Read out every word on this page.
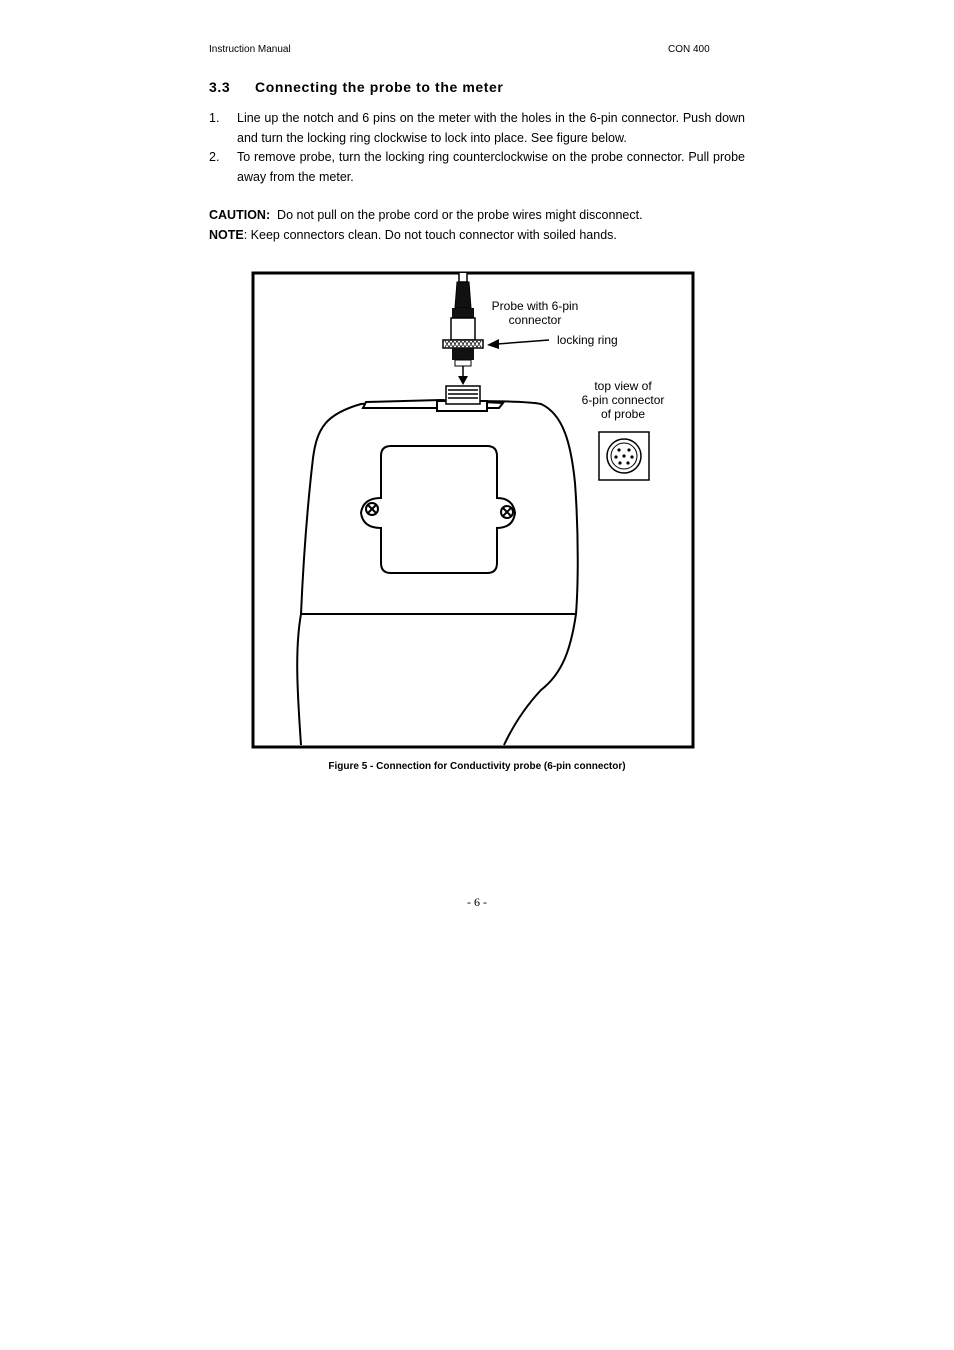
Instruction Manual	CON 400
3.3 Connecting the probe to the meter
1.	Line up the notch and 6 pins on the meter with the holes in the 6-pin connector. Push down and turn the locking ring clockwise to lock into place. See figure below.
2.	To remove probe, turn the locking ring counterclockwise on the probe connector. Pull probe away from the meter.
CAUTION:  Do not pull on the probe cord or the probe wires might disconnect.
NOTE: Keep connectors clean. Do not touch connector with soiled hands.
Probe with 6-pin
connector
locking ring
top view of
6-pin connector
of probe
Figure 5 - Connection for Conductivity probe (6-pin connector)
- 6 -
